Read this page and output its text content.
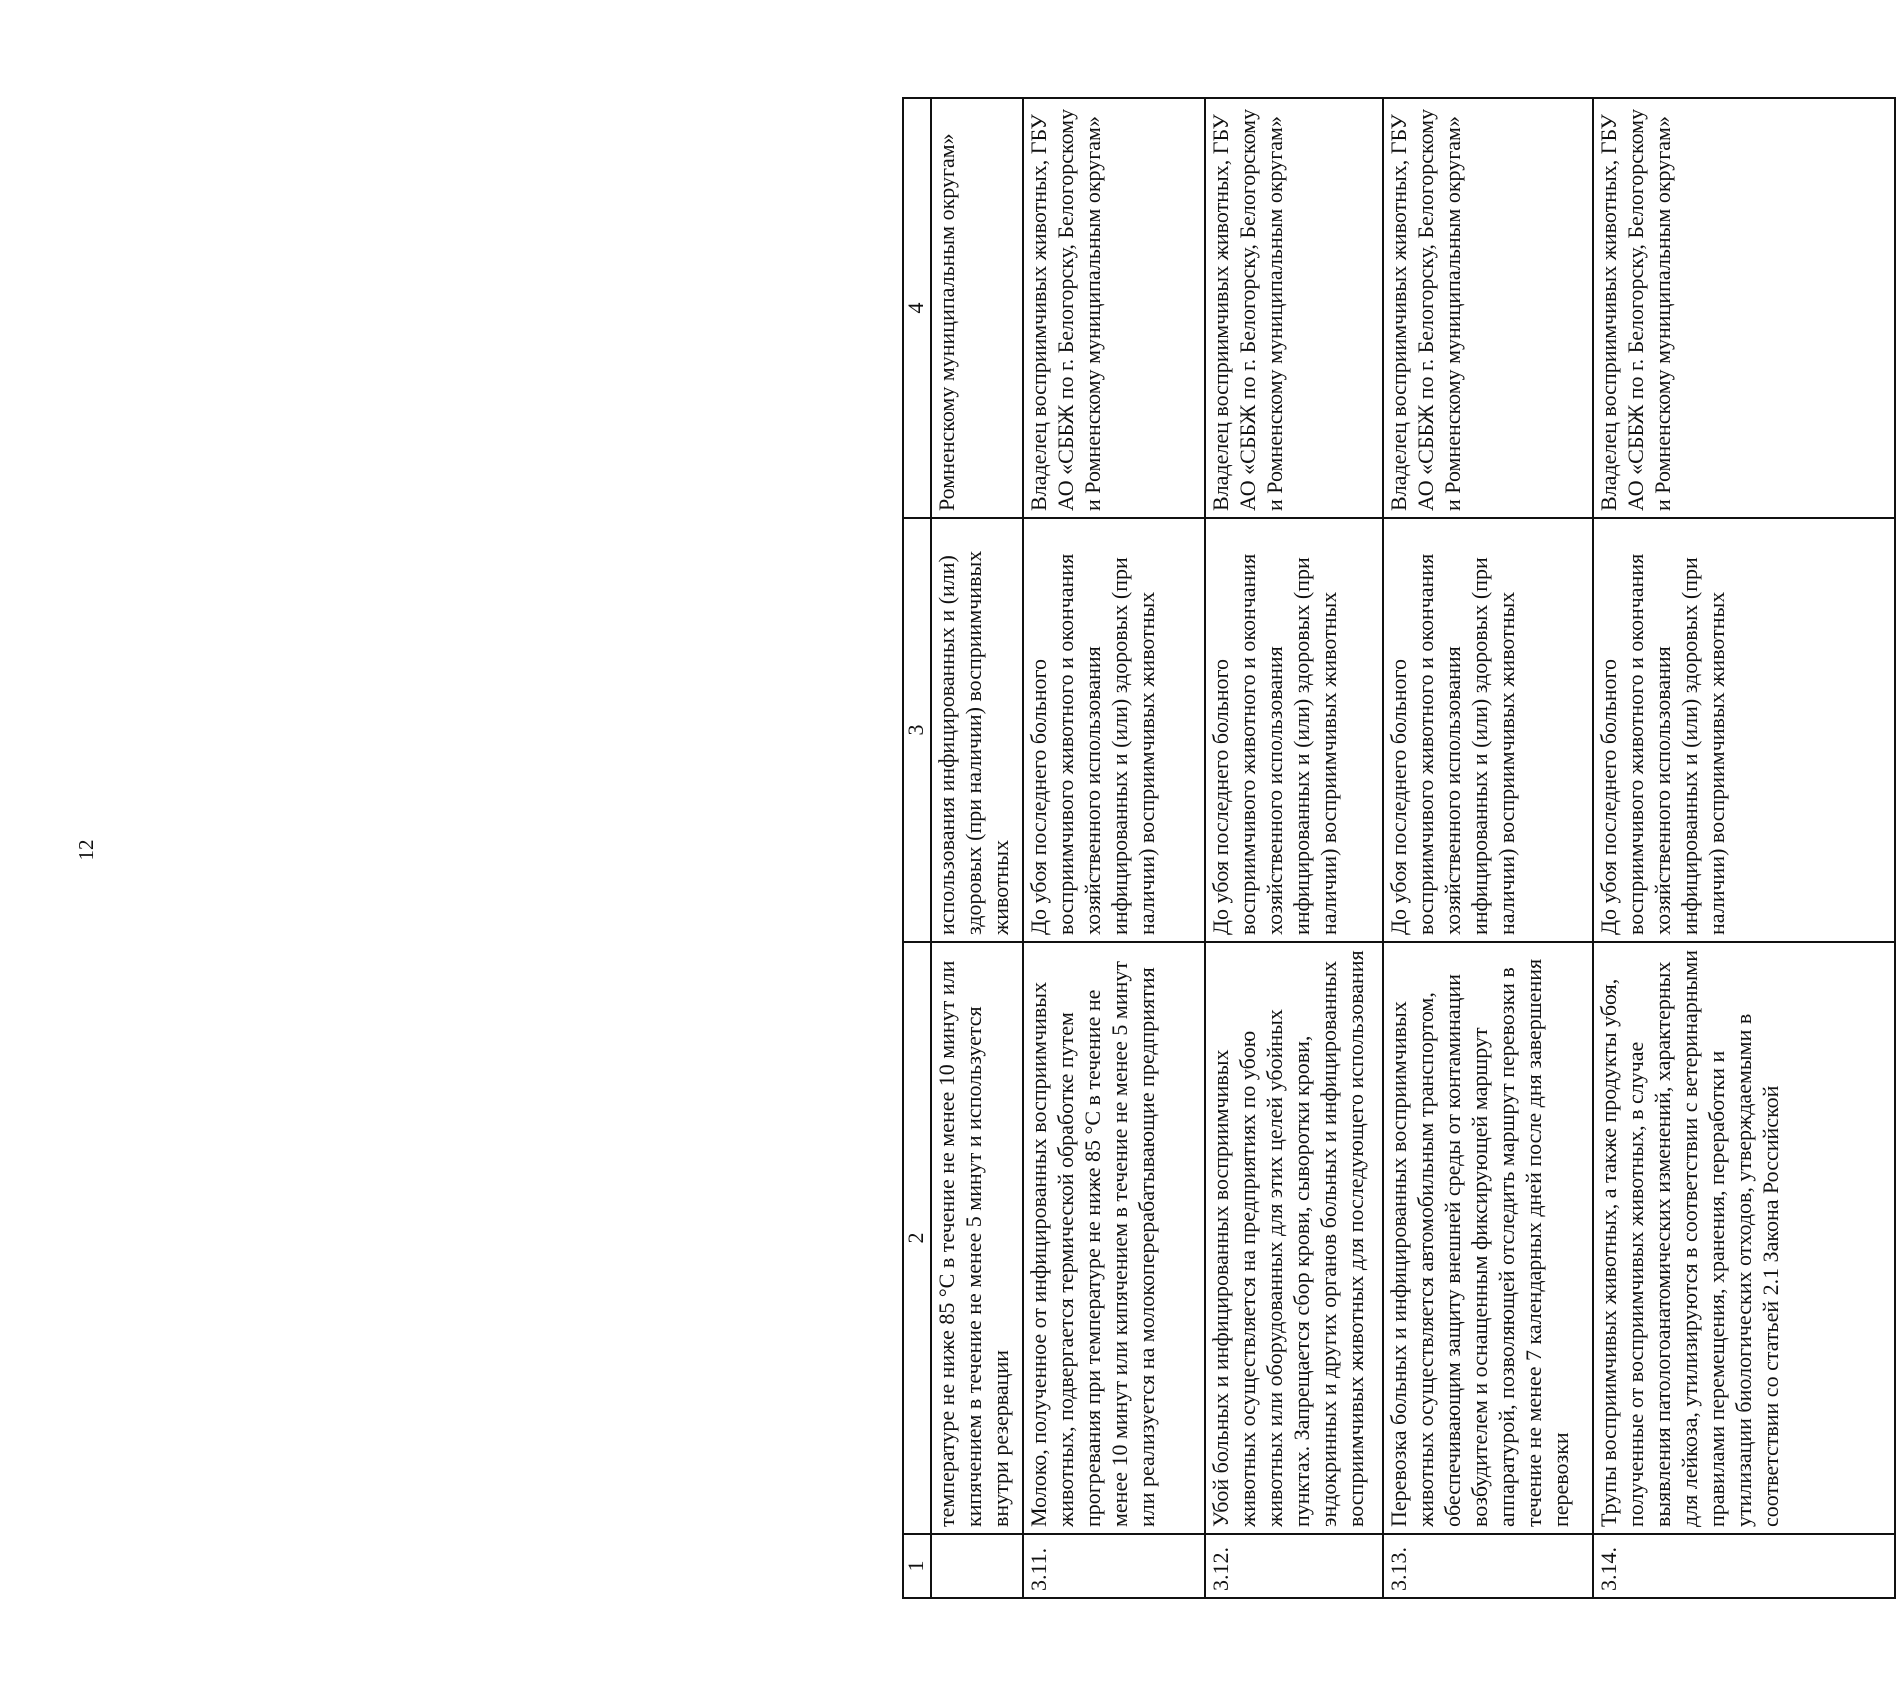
12
1	2	3	4

	температуре не ниже 85 °С в течение не менее 10 минут или кипячением в течение не менее 5 минут и используется внутри резервации	использования инфицированных и (или) здоровых (при наличии) восприимчивых животных	Ромненскому муниципальным округам»

3.11.	Молоко, полученное от инфицированных восприимчивых животных, подвергается термической обработке путем прогревания при температуре не ниже 85 °С в течение не менее 10 минут или кипячением в течение не менее 5 минут или реализуется на молокоперерабатывающие предприятия	До убоя последнего больного восприимчивого животного и окончания хозяйственного использования инфицированных и (или) здоровых (при наличии) восприимчивых животных	Владелец восприимчивых животных, ГБУ АО «СББЖ по г. Белогорску, Белогорскому и Ромненскому муниципальным округам»

3.12.	Убой больных и инфицированных восприимчивых животных осуществляется на предприятиях по убою животных или оборудованных для этих целей убойных пунктах. Запрещается сбор крови, сыворотки крови, эндокринных и других органов больных и инфицированных восприимчивых животных для последующего использования	До убоя последнего больного восприимчивого животного и окончания хозяйственного использования инфицированных и (или) здоровых (при наличии) восприимчивых животных	Владелец восприимчивых животных, ГБУ АО «СББЖ по г. Белогорску, Белогорскому и Ромненскому муниципальным округам»

3.13.	Перевозка больных и инфицированных восприимчивых животных осуществляется автомобильным транспортом, обеспечивающим защиту внешней среды от контаминации возбудителем и оснащенным фиксирующей маршрут аппаратурой, позволяющей отследить маршрут перевозки в течение не менее 7 календарных дней после дня завершения перевозки	До убоя последнего больного восприимчивого животного и окончания хозяйственного использования инфицированных и (или) здоровых (при наличии) восприимчивых животных	Владелец восприимчивых животных, ГБУ АО «СББЖ по г. Белогорску, Белогорскому и Ромненскому муниципальным округам»

3.14.	Трупы восприимчивых животных, а также продукты убоя, полученные от восприимчивых животных, в случае выявления патологоанатомических изменений, характерных для лейкоза, утилизируются в соответствии с ветеринарными правилами перемещения, хранения, переработки и утилизации биологических отходов, утверждаемыми в соответствии со статьей 2.1 Закона Российской	До убоя последнего больного восприимчивого животного и окончания хозяйственного использования инфицированных и (или) здоровых (при наличии) восприимчивых животных	Владелец восприимчивых животных, ГБУ АО «СББЖ по г. Белогорску, Белогорскому и Ромненскому муниципальным округам»
